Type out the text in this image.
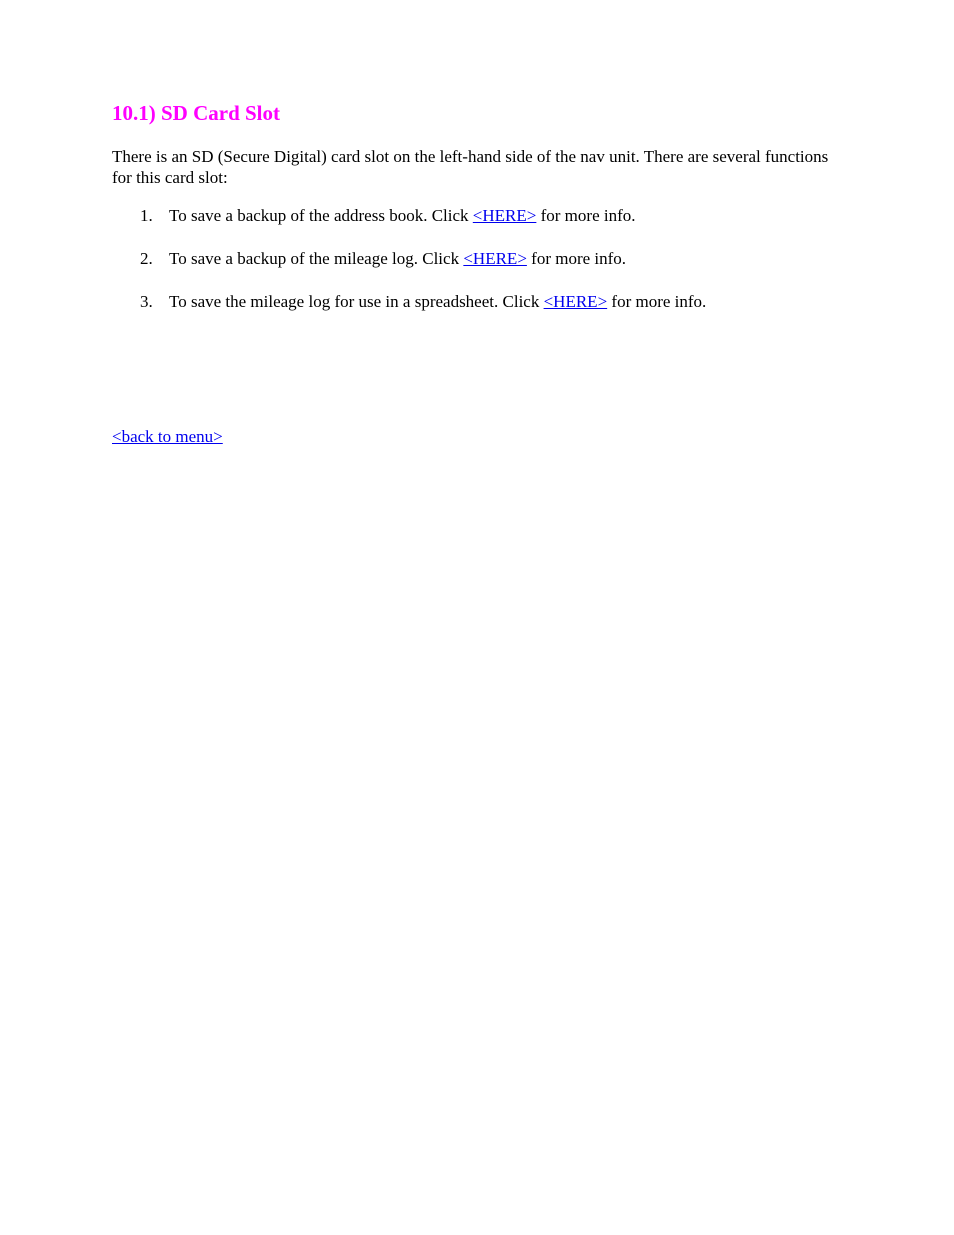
10.1) SD Card Slot

There is an SD (Secure Digital) card slot on the left-hand side of the nav unit. There are several functions for this card slot:

1. To save a backup of the address book. Click <HERE> for more info.
2. To save a backup of the mileage log. Click <HERE> for more info.
3. To save the mileage log for use in a spreadsheet. Click <HERE> for more info.
<back to menu>
